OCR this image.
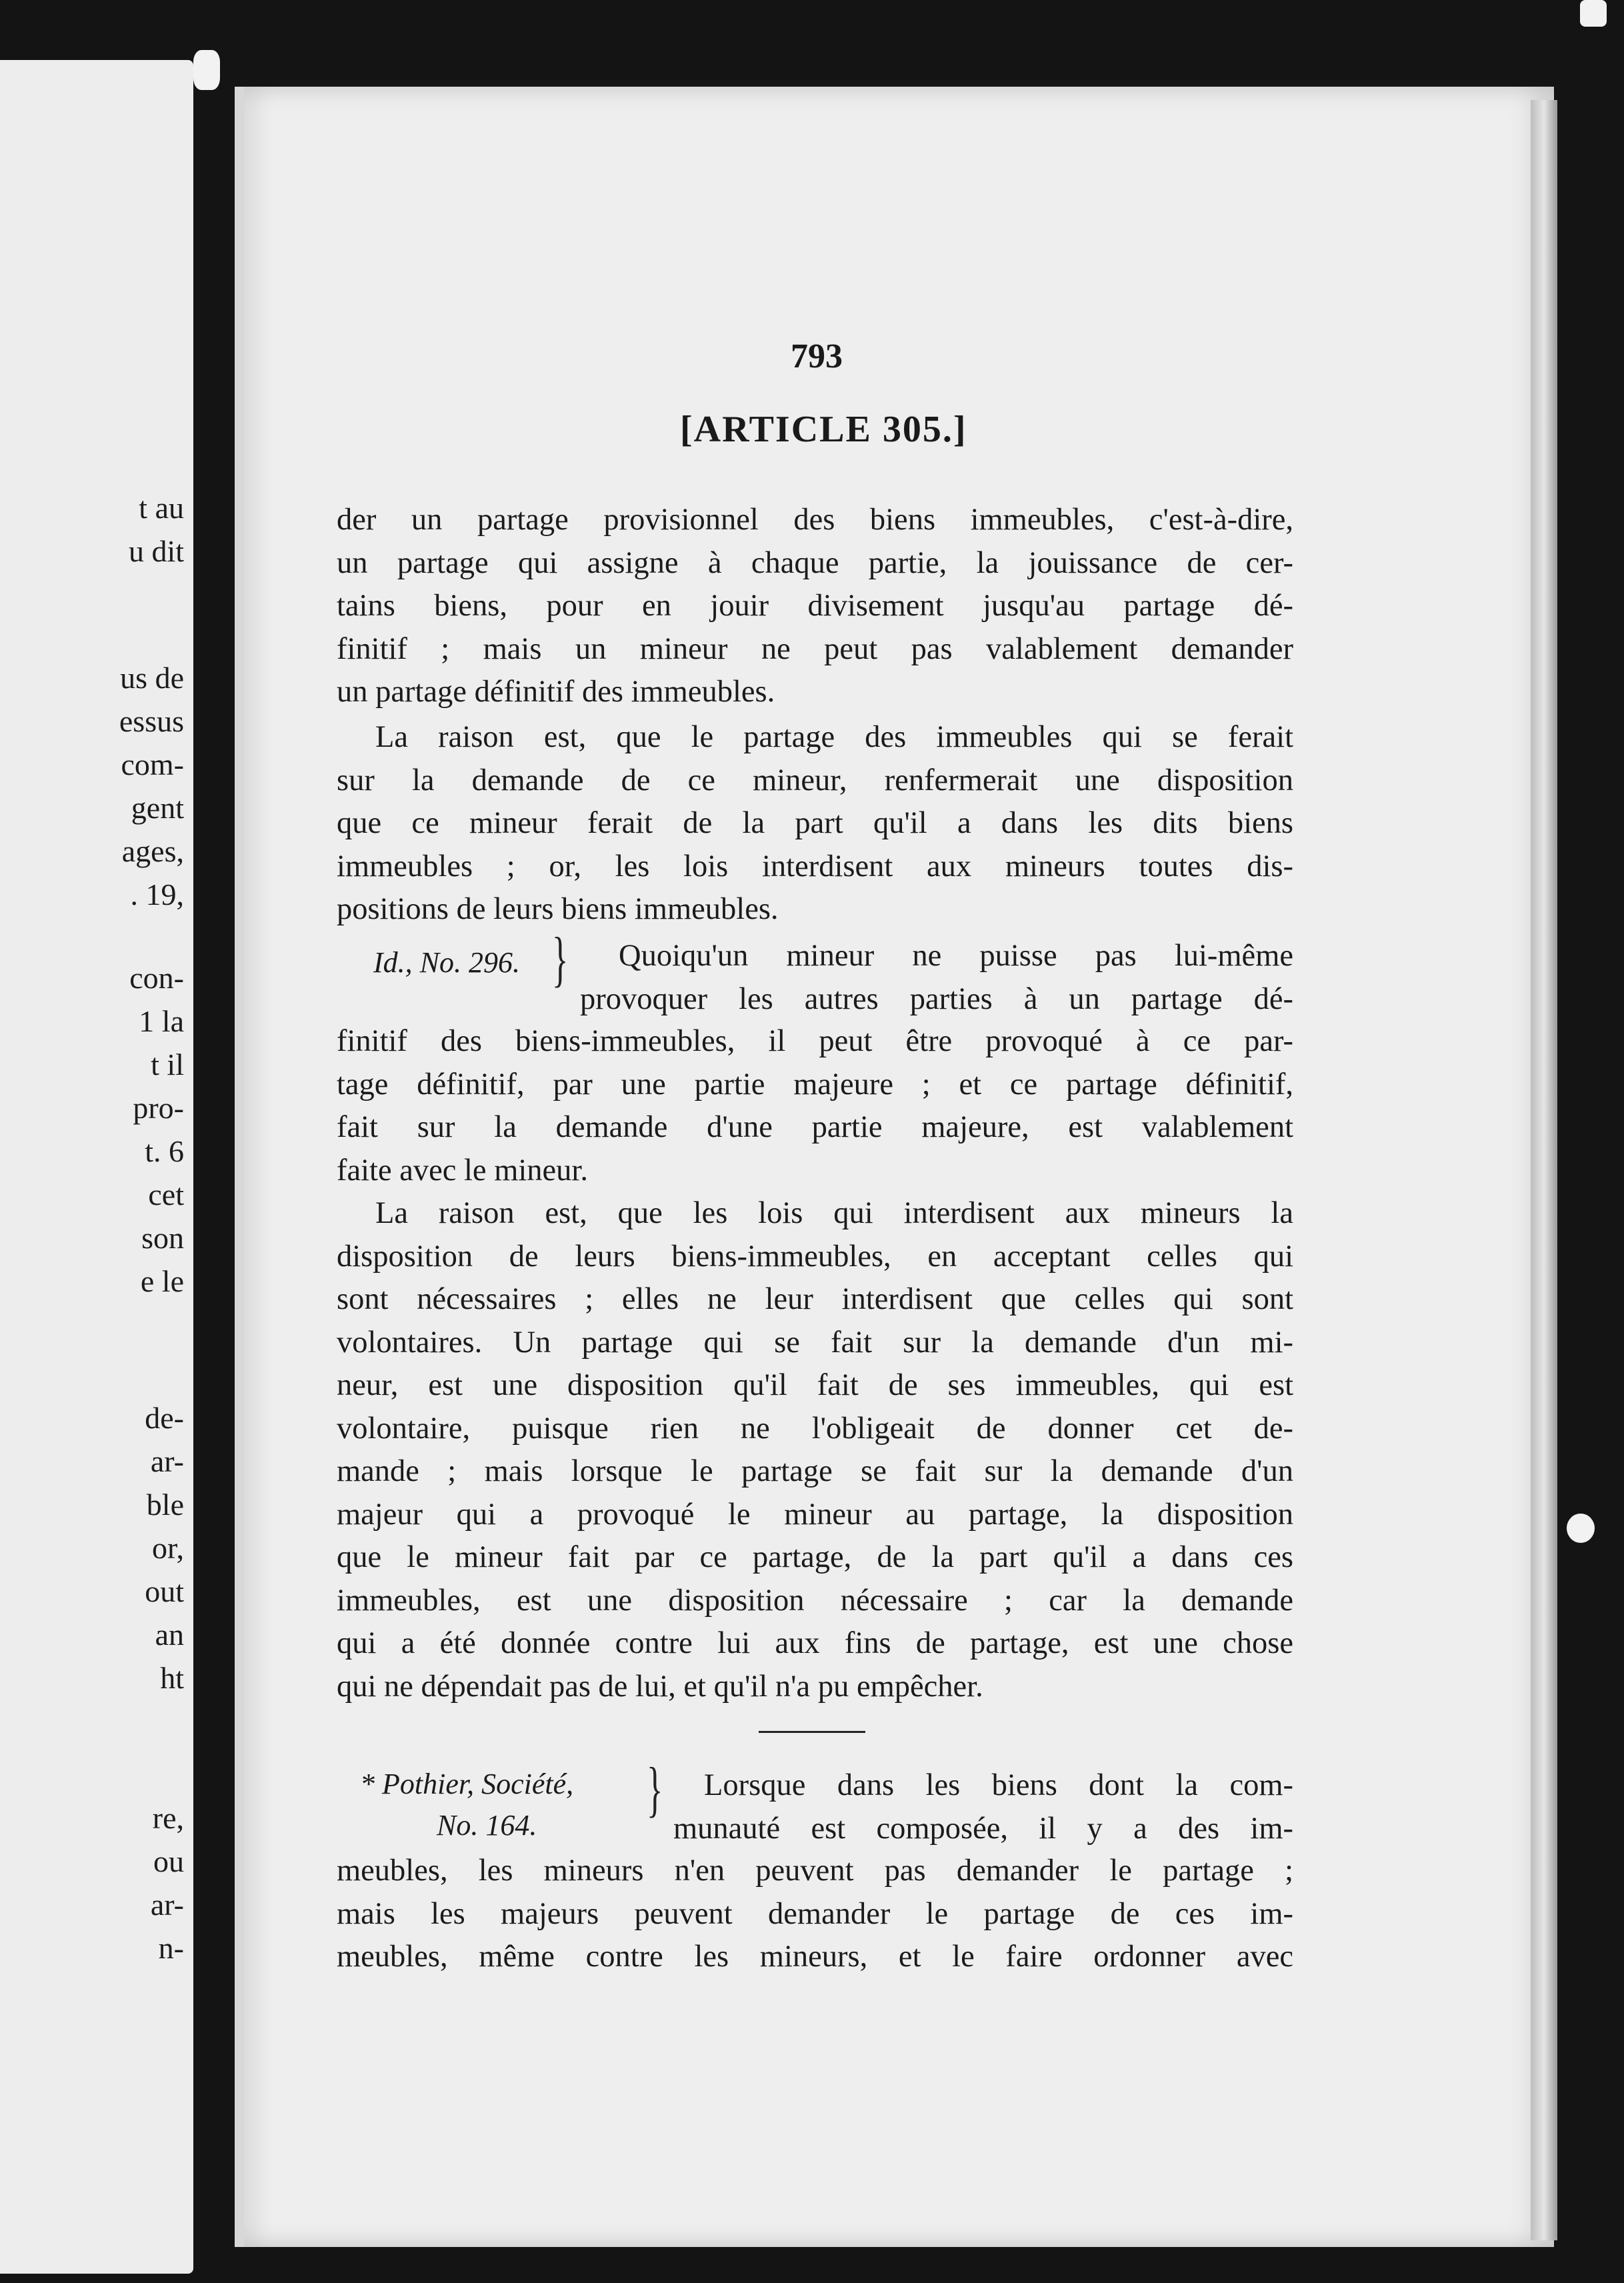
t au
u dit
us de
essus
com-
gent
ages,
. 19,
con-
1 la
t il
pro-
t. 6
cet
son
e le
de-
ar-
ble
or,
out
an
ht
re,
ou
ar-
n-
793
[ARTICLE 305.]
der un partage provisionnel des biens immeubles, c'est-à-dire,
un partage qui assigne à chaque partie, la jouissance de cer-
tains biens, pour en jouir divisement jusqu'au partage dé-
finitif ; mais un mineur ne peut pas valablement demander
un partage définitif des immeubles.
La raison est, que le partage des immeubles qui se ferait
sur la demande de ce mineur, renfermerait une disposition
que ce mineur ferait de la part qu'il a dans les dits biens
immeubles ; or, les lois interdisent aux mineurs toutes dis-
positions de leurs biens immeubles.
Id., No. 296. }	Quoiqu'un mineur ne puisse pas lui-même
provoquer les autres parties à un partage dé-
finitif des biens-immeubles, il peut être provoqué à ce par-
tage définitif, par une partie majeure ; et ce partage définitif,
fait sur la demande d'une partie majeure, est valablement
faite avec le mineur.
La raison est, que les lois qui interdisent aux mineurs la
disposition de leurs biens-immeubles, en acceptant celles qui
sont nécessaires ; elles ne leur interdisent que celles qui sont
volontaires. Un partage qui se fait sur la demande d'un mi-
neur, est une disposition qu'il fait de ses immeubles, qui est
volontaire, puisque rien ne l'obligeait de donner cet de-
mande ; mais lorsque le partage se fait sur la demande d'un
majeur qui a provoqué le mineur au partage, la disposition
que le mineur fait par ce partage, de la part qu'il a dans ces
immeubles, est une disposition nécessaire ; car la demande
qui a été donnée contre lui aux fins de partage, est une chose
qui ne dépendait pas de lui, et qu'il n'a pu empêcher.
* Pothier, Société,
No. 164.
}	Lorsque dans les biens dont la com-
munauté est composée, il y a des im-
meubles, les mineurs n'en peuvent pas demander le partage ;
mais les majeurs peuvent demander le partage de ces im-
meubles, même contre les mineurs, et le faire ordonner avec
